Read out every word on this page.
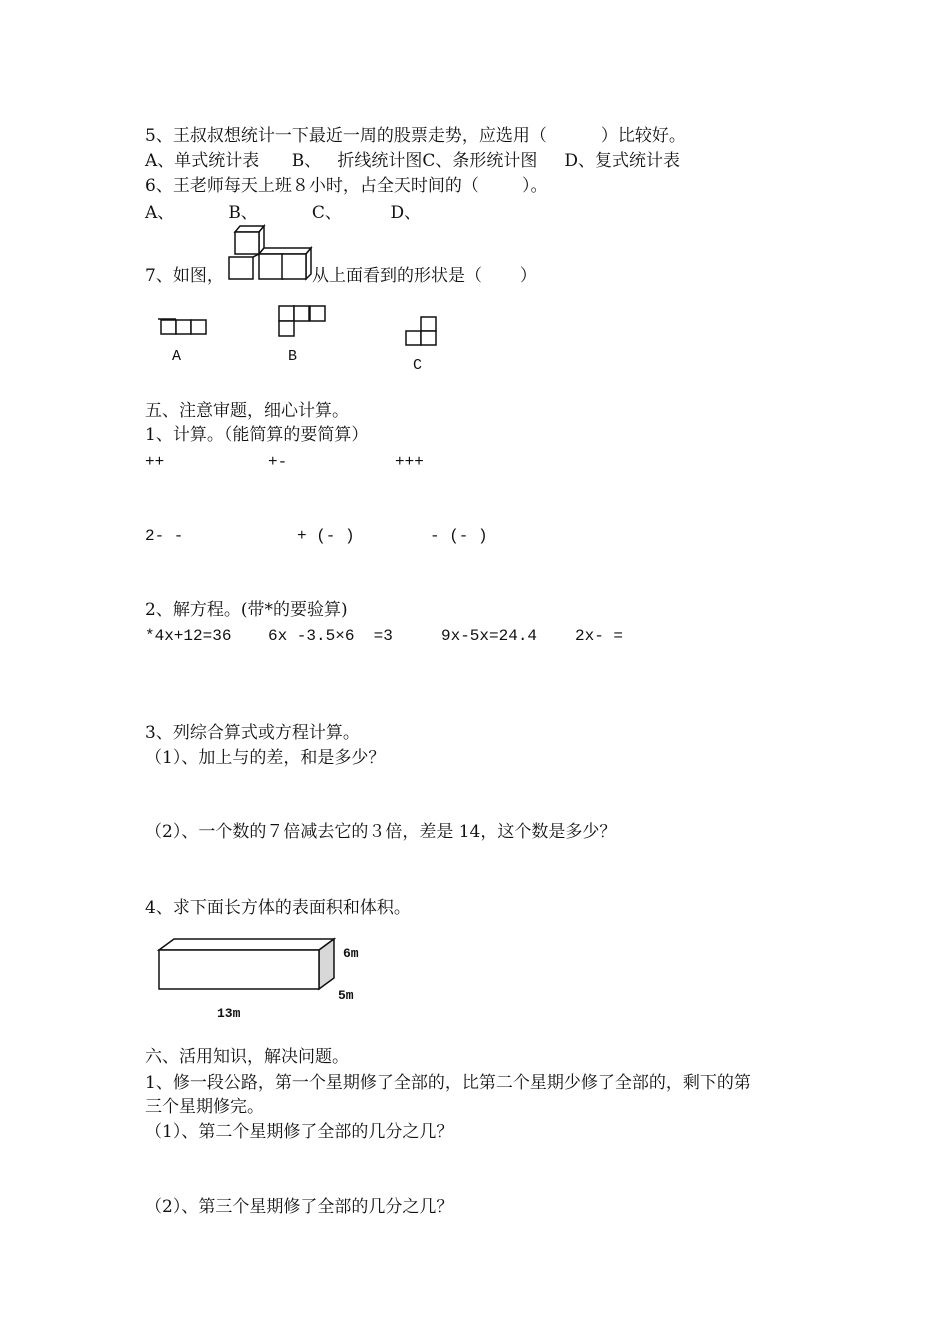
5、王叔叔想统计一下最近一周的股票走势，应选用（          ）比较好。
A、单式统计表      B、   折线统计图C、条形统计图     D、复式统计表
6、王老师每天上班８小时，占全天时间的（        ）。
A、          B、          C、         D、
7、如图，	从上面看到的形状是（       ）
A	B
C
五、注意审题，细心计算。
1、计算。（能简算的要简算）
++	+-	+++
2- -	+ (- )	- (- )
2、解方程。(带*的要验算)
*4x+12=36 6x -3.5×6  =3	9x-5x=24.4 2x- =
3、列综合算式或方程计算。
（1）、加上与的差，和是多少？
（2）、一个数的７倍减去它的３倍，差是 14，这个数是多少？
4、求下面长方体的表面积和体积。
6m
5m
13m
六、活用知识，解决问题。
1、修一段公路，第一个星期修了全部的，比第二个星期少修了全部的，剩下的第
三个星期修完。
（1）、第二个星期修了全部的几分之几？
（2）、第三个星期修了全部的几分之几？
